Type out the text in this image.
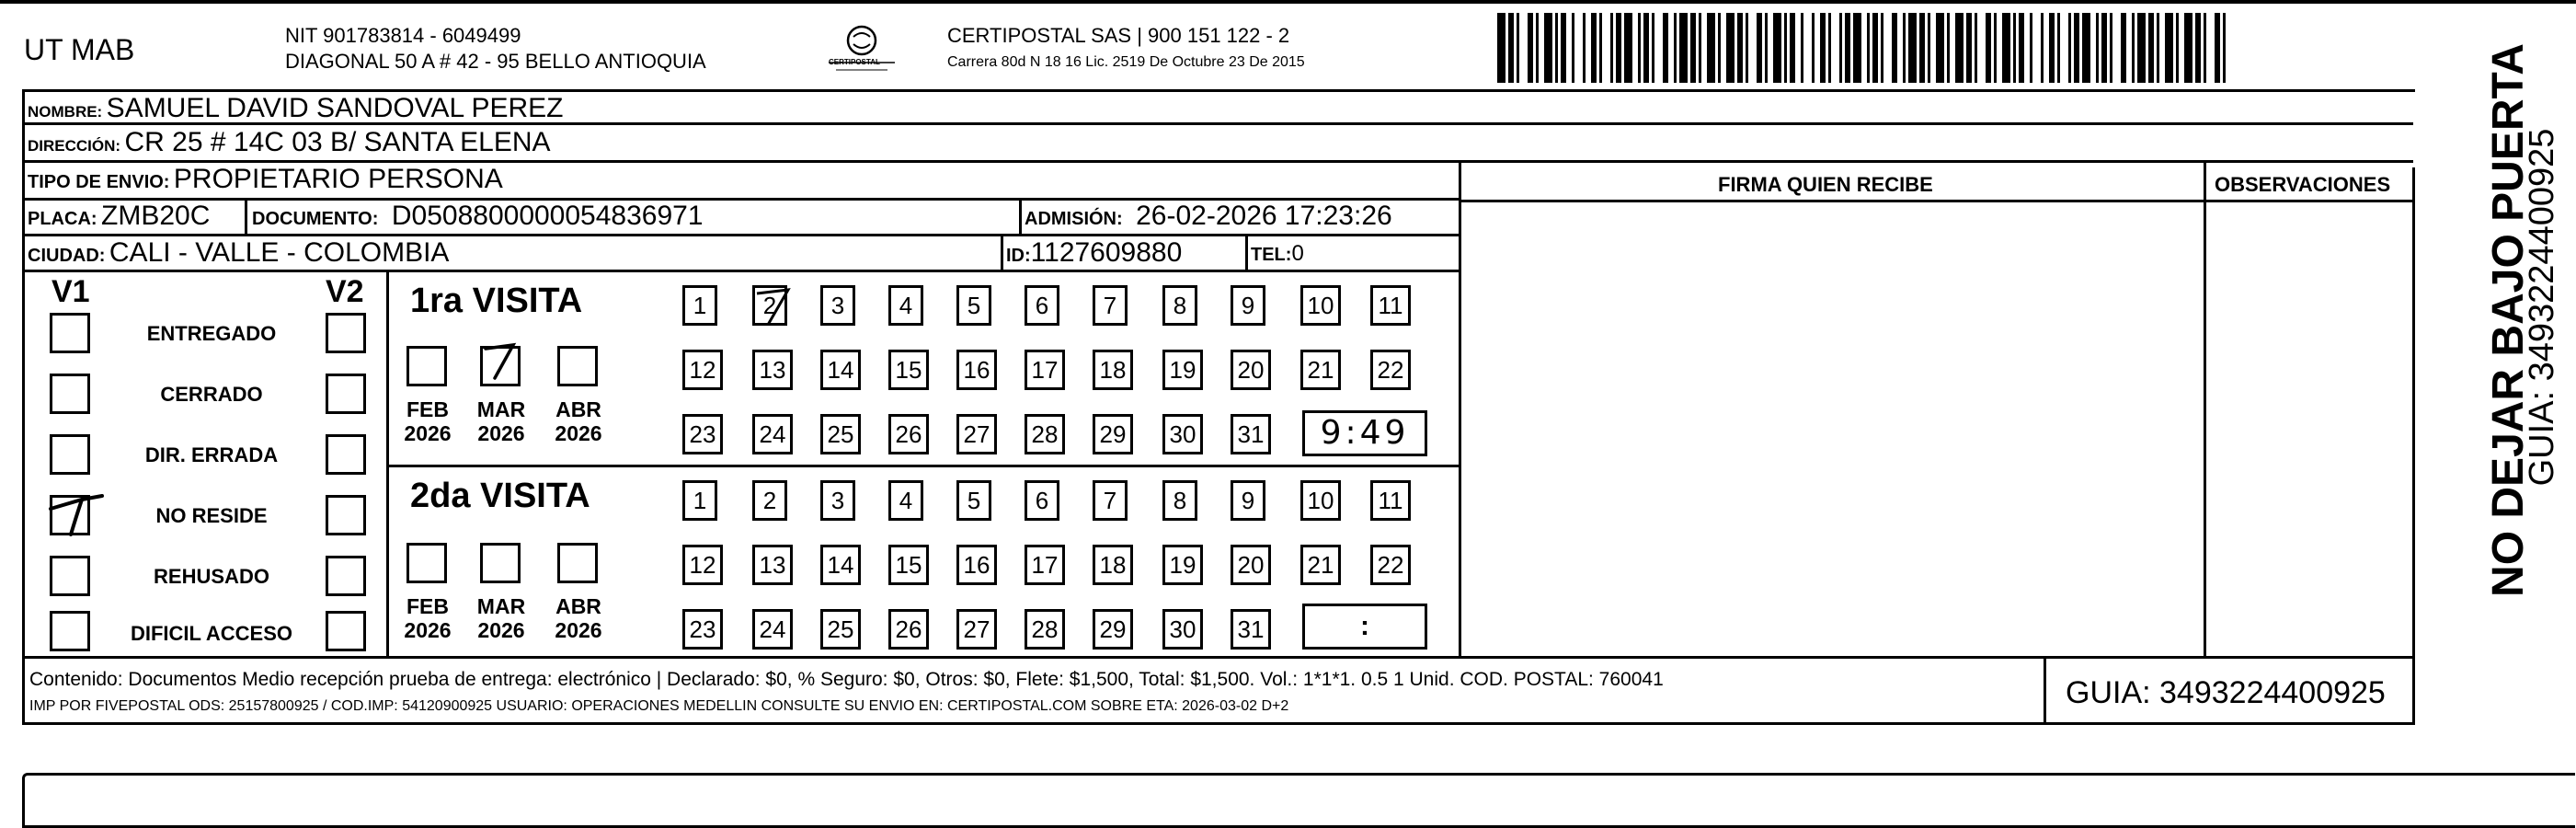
UT MAB	NIT 901783814 - 6049499
DIAGONAL 50 A # 42 - 95 BELLO ANTIOQUIA	CERTIPOSTAL
CERTIPOSTAL SAS | 900 151 122 - 2
Carrera 80d N 18 16 Lic. 2519 De Octubre 23 De 2015
NOMBRE: SAMUEL DAVID SANDOVAL PEREZ
DIRECCIÓN: CR 25 # 14C 03 B/ SANTA ELENA
TIPO DE ENVIO: PROPIETARIO PERSONA
PLACA: ZMB20C DOCUMENTO: D0508800000054836971	ADMISIÓN: 26-02-2026 17:23:26
CIUDAD: CALI - VALLE - COLOMBIA	ID:1127609880	TEL:0
FIRMA QUIEN RECIBE	OBSERVACIONES
V1	V2
ENTREGADO
CERRADO
DIR. ERRADA
NO RESIDE
REHUSADO
DIFICIL ACCESO
1ra VISITA
FEB
2026
MAR
2026
ABR
2026
1	2	3	4	5	6	7	8	9	10	11
12 13 14 15 16 17 18 19 20 21 22
23 24 25 26 27 28 29 30 31	9:49
2da VISITA
FEB
2026
MAR
2026
ABR
2026
1	2	3	4	5	6	7	8	9	10	11
12 13 14 15 16 17 18 19 20 21 22
23 24 25 26 27 28 29 30 31	:
Contenido: Documentos Medio recepción prueba de entrega: electrónico | Declarado: $0, % Seguro: $0, Otros: $0, Flete: $1,500, Total: $1,500. Vol.: 1*1*1. 0.5 1 Unid. COD. POSTAL: 760041
IMP POR FIVEPOSTAL ODS: 25157800925 / COD.IMP: 54120900925 USUARIO: OPERACIONES MEDELLIN CONSULTE SU ENVIO EN: CERTIPOSTAL.COM SOBRE ETA: 2026-03-02 D+2	GUIA: 3493224400925
NO DEJAR BAJO PUERTA
GUIA: 3493224400925
